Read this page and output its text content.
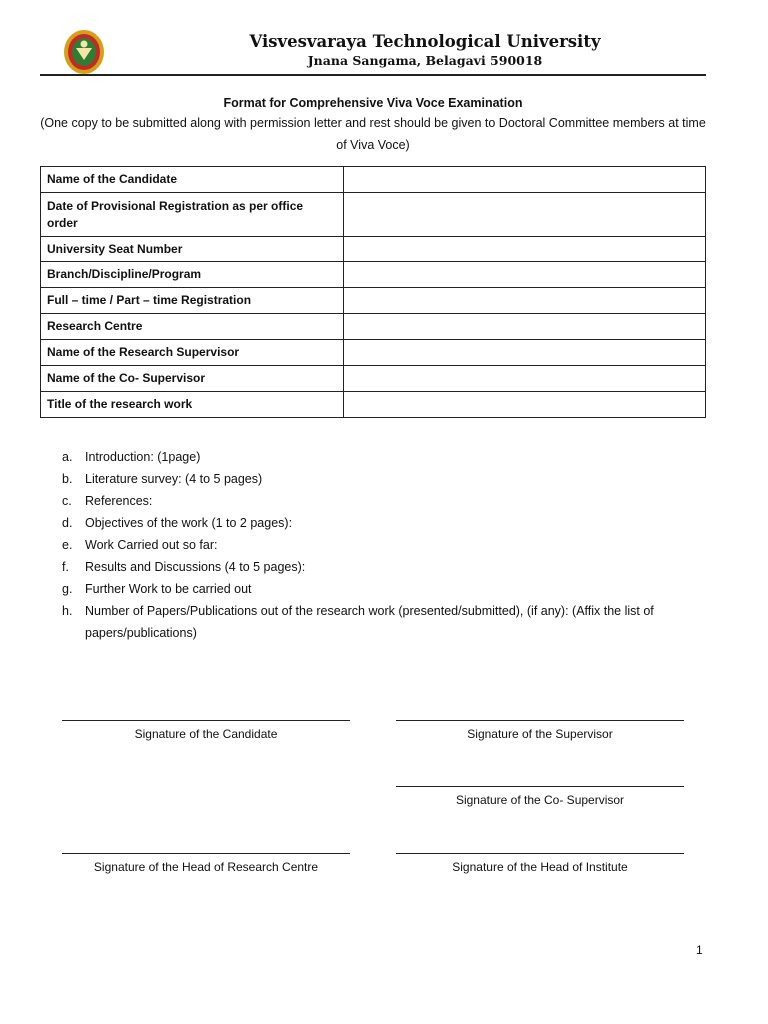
Visvesvaraya Technological University
Jnana Sangama, Belagavi 590018
Format for Comprehensive Viva Voce Examination
(One copy to be submitted along with permission letter and rest should be given to Doctoral Committee members at time of Viva Voce)
Name of the Candidate	
Date of Provisional Registration as per office order	
University Seat Number	
Branch/Discipline/Program	
Full – time / Part – time Registration	
Research Centre	
Name of the Research Supervisor	
Name of the Co- Supervisor	
Title of the research work	
a.	Introduction: (1page)
b.	Literature survey: (4 to 5 pages)
c.	References:
d.	Objectives of the work (1 to 2 pages):
e.	Work Carried out so far:
f.	Results and Discussions (4 to 5 pages):
g.	Further Work to be carried out
h.	Number of Papers/Publications out of the research work (presented/submitted), (if any): (Affix the list of papers/publications)
Signature of the Candidate	Signature of the Supervisor
Signature of the Co- Supervisor
Signature of the Head of Research Centre	Signature of the Head of Institute
1
